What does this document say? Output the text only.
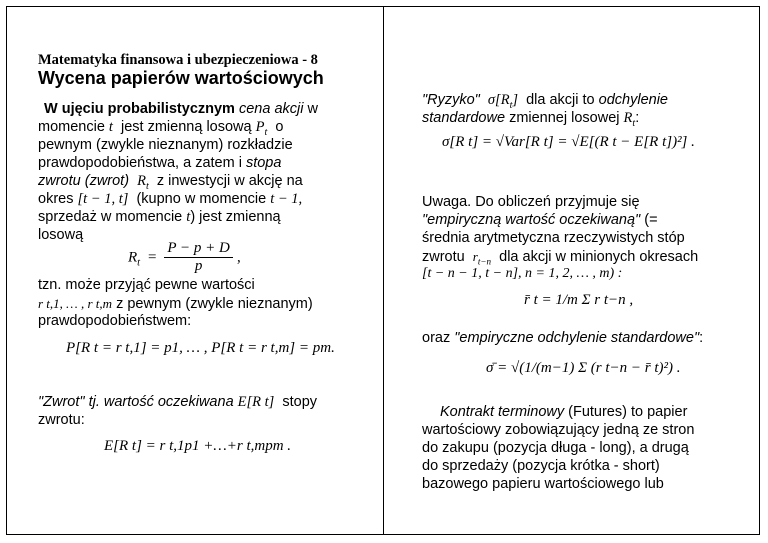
Matematyka finansowa i ubezpieczeniowa - 8
Wycena papierów wartościowych
W ujęciu probabilistycznym cena akcji w
momencie t jest zmienną losową $P_t$ o
pewnym (zwykle nieznanym) rozkładzie
prawdopodobieństwa, a zatem i stopa
zwrotu (zwrot) $R_t$ z inwestycji w akcję na
okres [t − 1, t] (kupno w momencie t − 1,
sprzedaż w momencie t) jest zmienną
losową
$R_t = \frac{P - p + D}{p}$ ,
tzn. może przyjąć pewne wartości
r t,1, … , r t,m z pewnym (zwykle nieznanym)
prawdopodobieństwem:
P[R t = r t,1] = p1, … , P[R t = r t,m] = pm.
"Zwrot" tj. wartość oczekiwana E[R t] stopy
zwrotu:
E[R t] = r t,1p1 +…+r t,mpm .
"Ryzyko" $\sigma[R_t]$ dla akcji to odchylenie
standardowe zmiennej losowej $R_t$:
σ[R t] = √Var[R t] = √E[(R t − E[R t])²] .
Uwaga. Do obliczeń przyjmuje się
"empiryczną wartość oczekiwaną" (=
średnia arytmetyczna rzeczywistych stóp
zwrotu $r_{t-n}$ dla akcji w minionych okresach
[t − n − 1, t − n], n = 1, 2, … , m) :
r̄ t = 1/m Σ r t−n ,
oraz "empiryczne odchylenie standardowe":
σ̄ = √(1/(m−1) Σ (r t−n − r̄ t)²) .
Kontrakt terminowy (Futures) to papier
wartościowy zobowiązujący jedną ze stron
do zakupu (pozycja długa - long), a drugą
do sprzedaży (pozycja krótka - short)
bazowego papieru wartościowego lub
